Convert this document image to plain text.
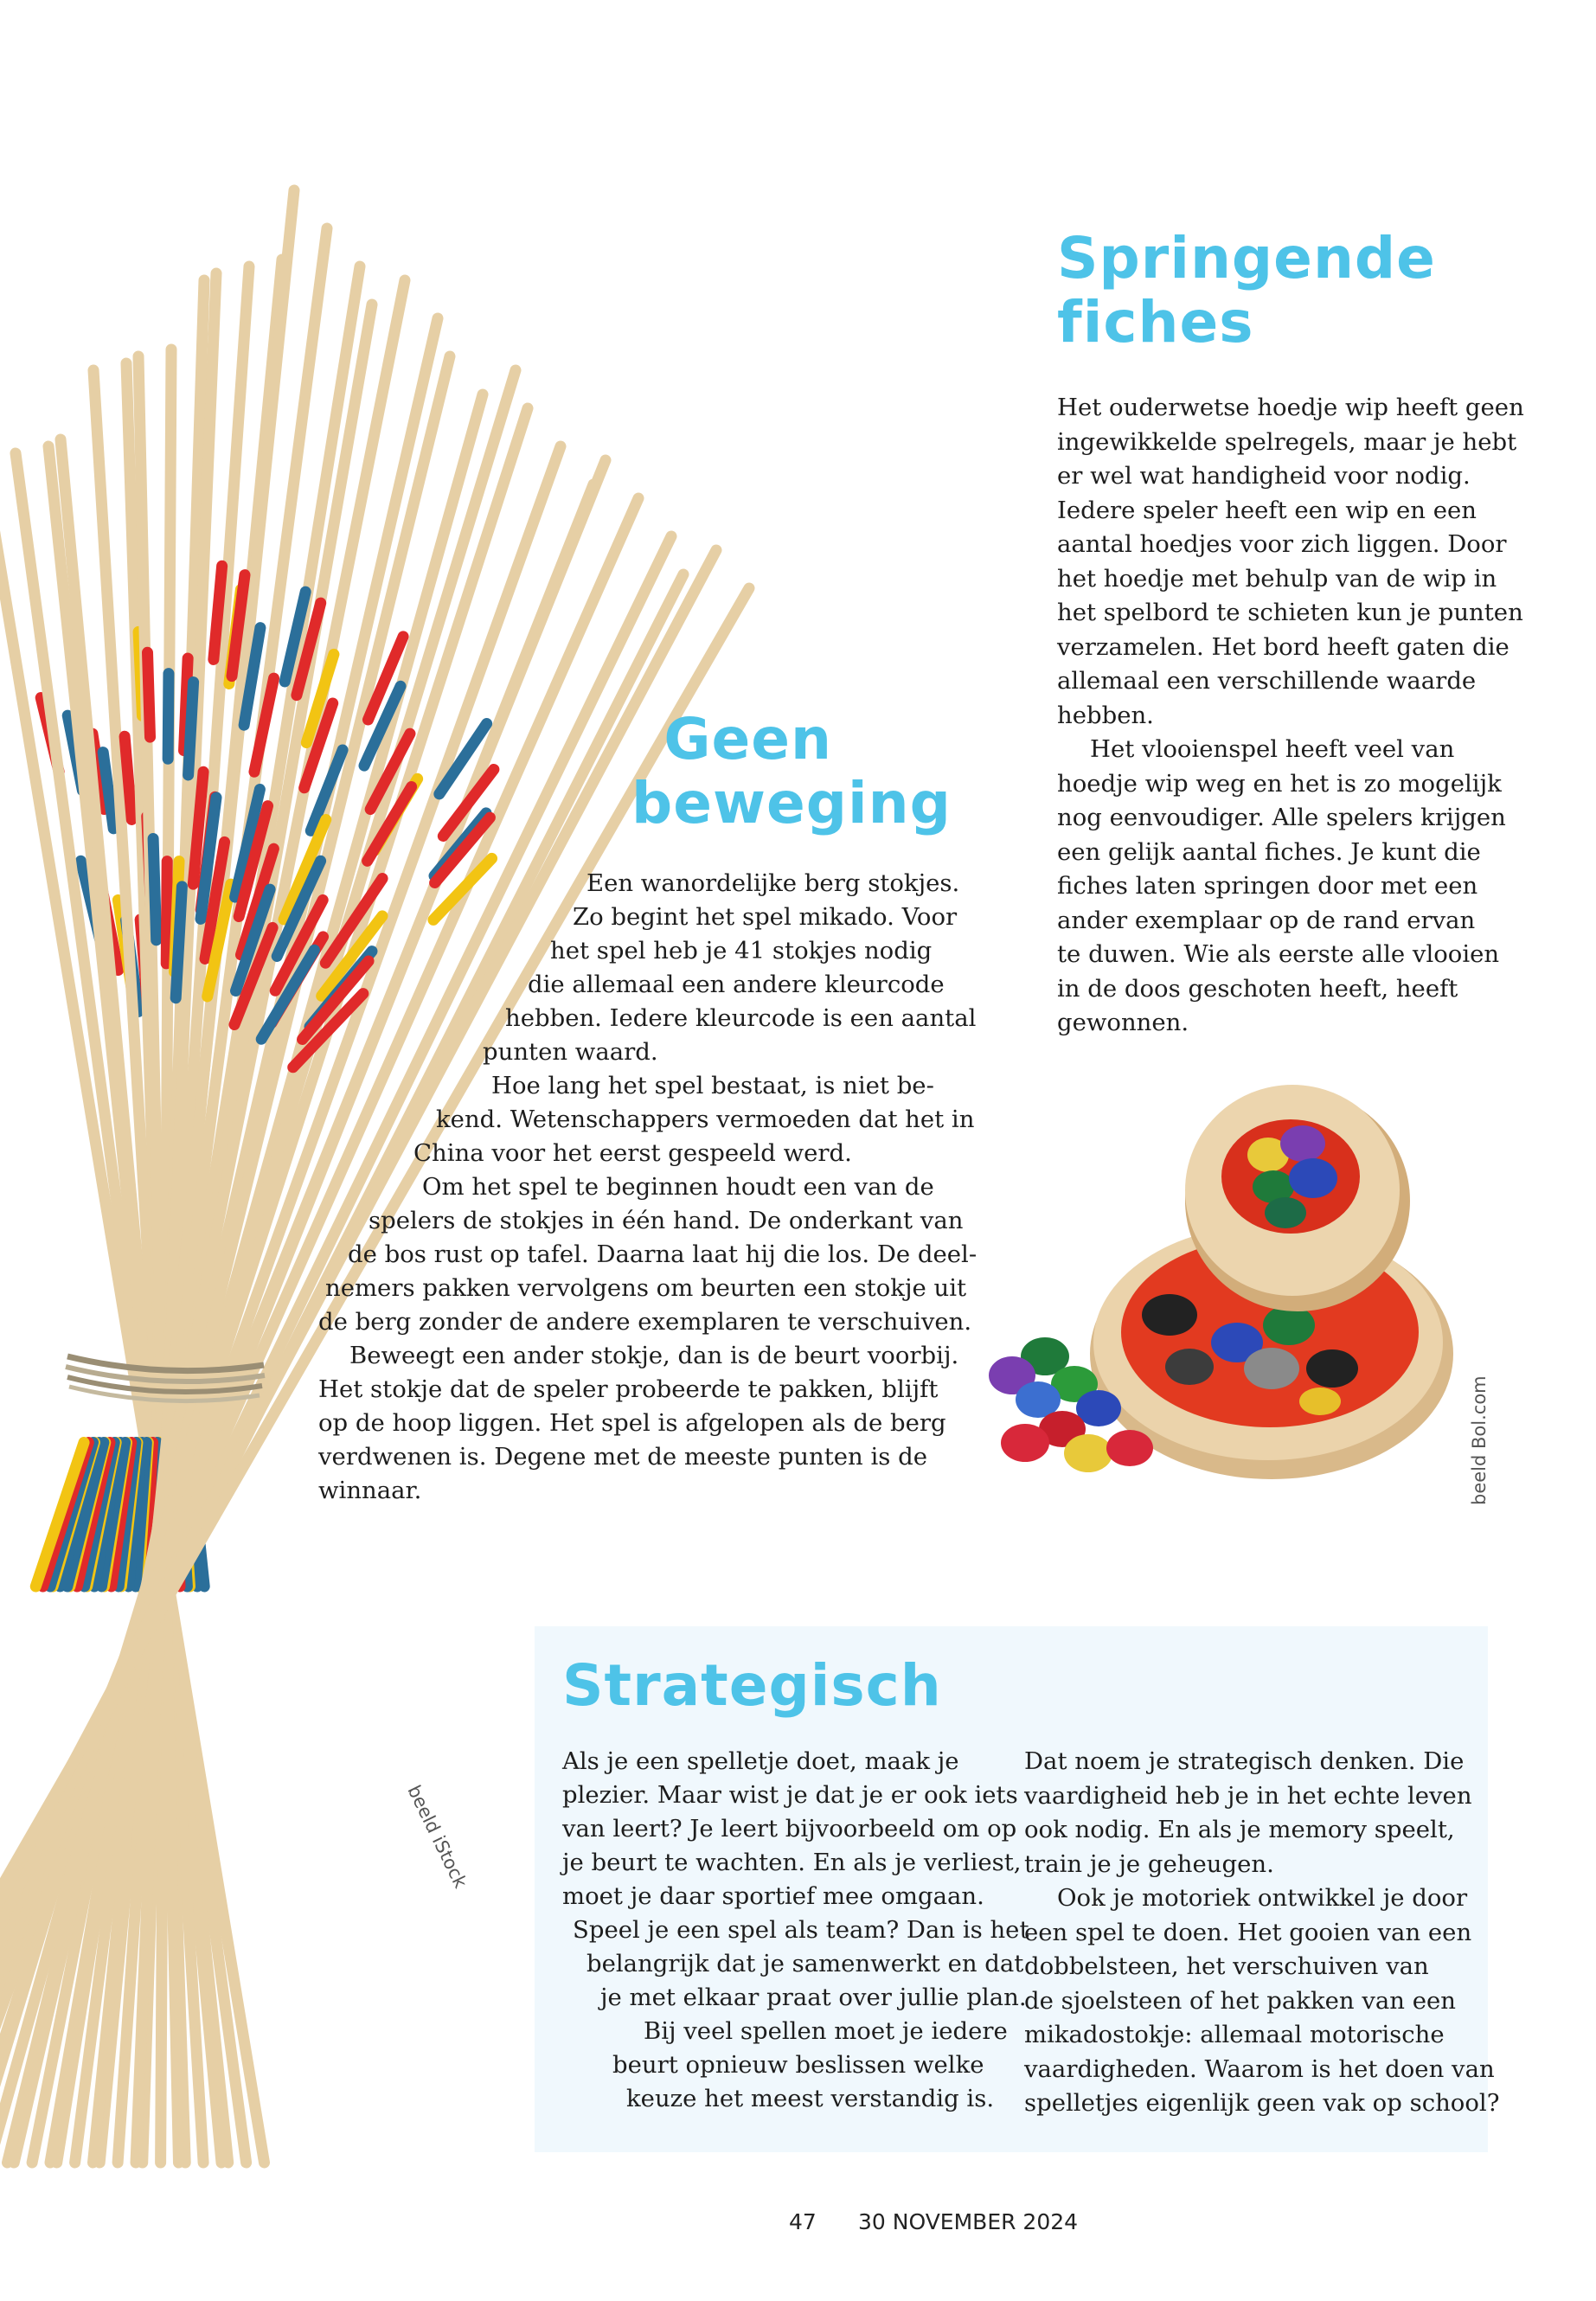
beeld iStock
Springende
fiches

Het ouderwetse hoedje wip heeft geen
ingewikkelde spelregels, maar je hebt
er wel wat handigheid voor nodig.
Iedere speler heeft een wip en een
aantal hoedjes voor zich liggen. Door
het hoedje met behulp van de wip in
het spelbord te schieten kun je punten
verzamelen. Het bord heeft gaten die
allemaal een verschillende waarde
hebben.

Het vlooienspel heeft veel van
hoedje wip weg en het is zo mogelijk
nog eenvoudiger. Alle spelers krijgen
een gelijk aantal fiches. Je kunt die
fiches laten springen door met een
ander exemplaar op de rand ervan
te duwen. Wie als eerste alle vlooien
in de doos geschoten heeft, heeft
gewonnen.

beeld Bol.com
Geen
beweging
Een wanordelijke berg stokjes.
Zo begint het spel mikado. Voor
het spel heb je 41 stokjes nodig
die allemaal een andere kleurcode
hebben. Iedere kleurcode is een aantal
punten waard.
Hoe lang het spel bestaat, is niet be-
kend. Wetenschappers vermoeden dat het in
China voor het eerst gespeeld werd.
Om het spel te beginnen houdt een van de
spelers de stokjes in één hand. De onderkant van
de bos rust op tafel. Daarna laat hij die los. De deel-
nemers pakken vervolgens om beurten een stokje uit
de berg zonder de andere exemplaren te verschuiven.
Beweegt een ander stokje, dan is de beurt voorbij.
Het stokje dat de speler probeerde te pakken, blijft
op de hoop liggen. Het spel is afgelopen als de berg
verdwenen is. Degene met de meeste punten is de
winnaar.
Strategisch
Als je een spelletje doet, maak je
plezier. Maar wist je dat je er ook iets
van leert? Je leert bijvoorbeeld om op
je beurt te wachten. En als je verliest,
moet je daar sportief mee omgaan.
Speel je een spel als team? Dan is het
belangrijk dat je samenwerkt en dat
je met elkaar praat over jullie plan.
Bij veel spellen moet je iedere
beurt opnieuw beslissen welke
keuze het meest verstandig is.

Dat noem je strategisch denken. Die
vaardigheid heb je in het echte leven
ook nodig. En als je memory speelt,
train je je geheugen.

Ook je motoriek ontwikkel je door
een spel te doen. Het gooien van een
dobbelsteen, het verschuiven van
de sjoelsteen of het pakken van een
mikadostokje: allemaal motorische
vaardigheden. Waarom is het doen van
spelletjes eigenlijk geen vak op school?

47 30 NOVEMBER 2024
